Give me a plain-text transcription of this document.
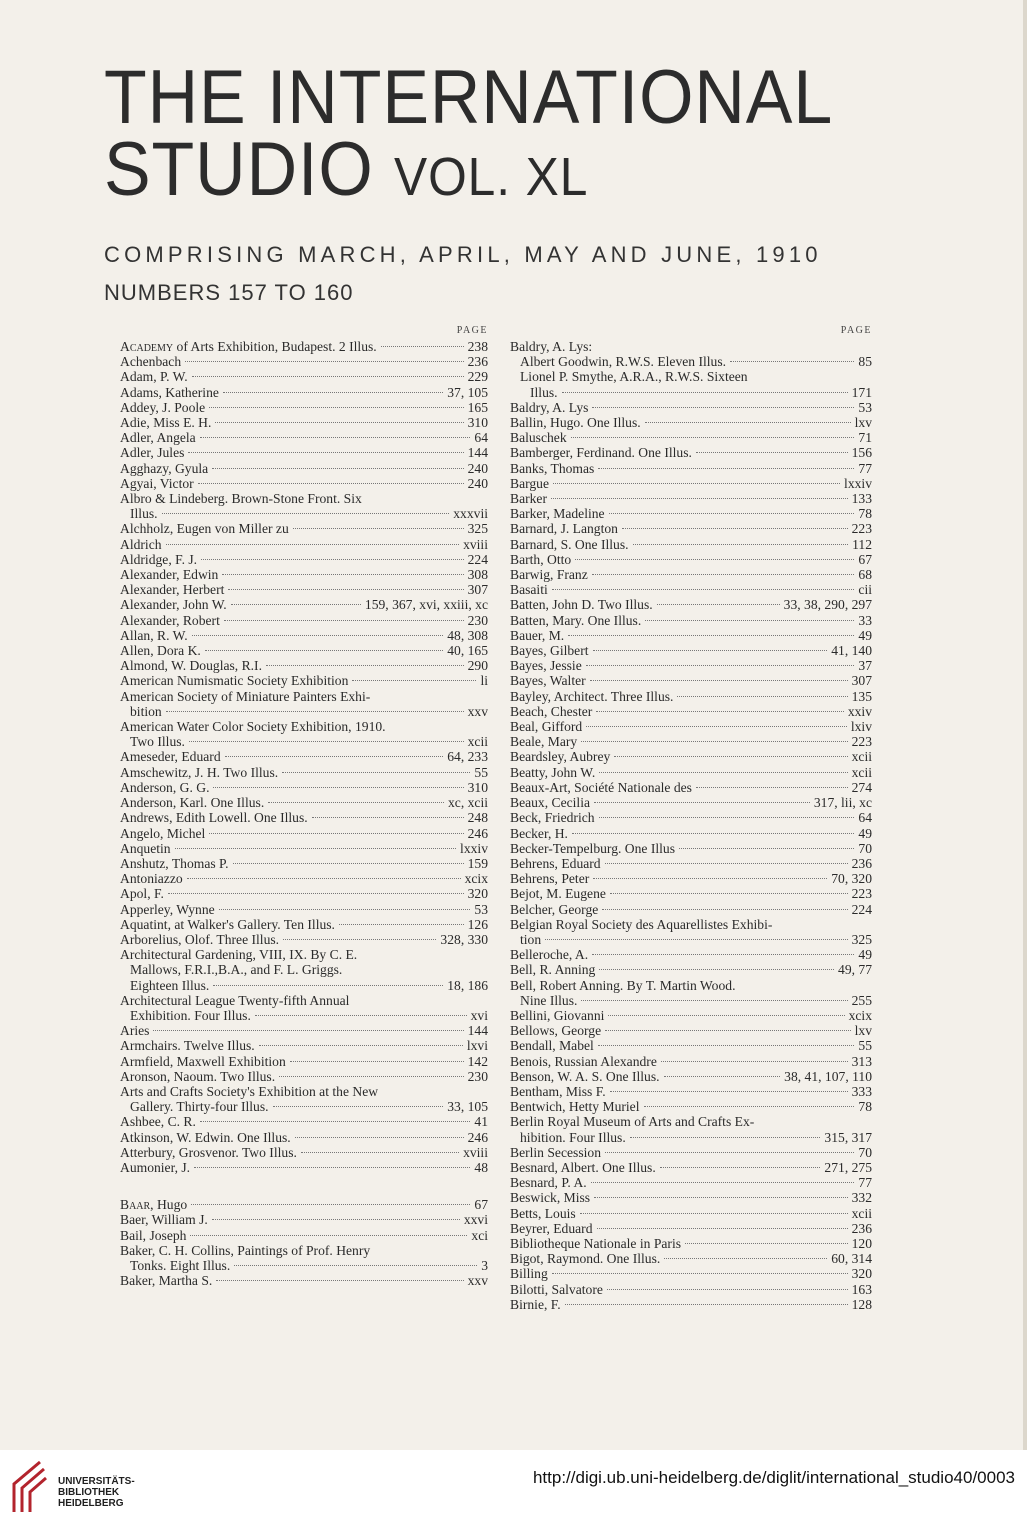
THE INTERNATIONAL
STUDIO VOL. XL
COMPRISING MARCH, APRIL, MAY AND JUNE, 1910
NUMBERS 157 TO 160
PAGE
Academy of Arts Exhibition, Budapest. 2 Illus.	238
Achenbach	236
Adam, P. W.	229
Adams, Katherine	37, 105
Addey, J. Poole	165
Adie, Miss E. H.	310
Adler, Angela	64
Adler, Jules	144
Agghazy, Gyula	240
Agyai, Victor	240
Albro & Lindeberg. Brown-Stone Front. Six
Illus.	xxxvii
Alchholz, Eugen von Miller zu	325
Aldrich	xviii
Aldridge, F. J.	224
Alexander, Edwin	308
Alexander, Herbert	307
Alexander, John W.	159, 367, xvi, xxiii, xc
Alexander, Robert	230
Allan, R. W.	48, 308
Allen, Dora K.	40, 165
Almond, W. Douglas, R.I.	290
American Numismatic Society Exhibition	li
American Society of Miniature Painters Exhi-
bition	xxv
American Water Color Society Exhibition, 1910.
Two Illus.	xcii
Ameseder, Eduard	64, 233
Amschewitz, J. H. Two Illus.	55
Anderson, G. G.	310
Anderson, Karl. One Illus.	xc, xcii
Andrews, Edith Lowell. One Illus.	248
Angelo, Michel	246
Anquetin	lxxiv
Anshutz, Thomas P.	159
Antoniazzo	xcix
Apol, F.	320
Apperley, Wynne	53
Aquatint, at Walker's Gallery. Ten Illus.	126
Arborelius, Olof. Three Illus.	328, 330
Architectural Gardening, VIII, IX. By C. E.
Mallows, F.R.I.,B.A., and F. L. Griggs.
Eighteen Illus.	18, 186
Architectural League Twenty-fifth Annual
Exhibition. Four Illus.	xvi
Aries	144
Armchairs. Twelve Illus.	lxvi
Armfield, Maxwell Exhibition	142
Aronson, Naoum. Two Illus.	230
Arts and Crafts Society's Exhibition at the New
Gallery. Thirty-four Illus.	33, 105
Ashbee, C. R.	41
Atkinson, W. Edwin. One Illus.	246
Atterbury, Grosvenor. Two Illus.	xviii
Aumonier, J.	48
Baar, Hugo	67
Baer, William J.	xxvi
Bail, Joseph	xci
Baker, C. H. Collins, Paintings of Prof. Henry
Tonks. Eight Illus.	3
Baker, Martha S.	xxv
PAGE
Baldry, A. Lys:
Albert Goodwin, R.W.S. Eleven Illus.	85
Lionel P. Smythe, A.R.A., R.W.S. Sixteen
Illus.	171
Baldry, A. Lys	53
Ballin, Hugo. One Illus.	lxv
Baluschek	71
Bamberger, Ferdinand. One Illus.	156
Banks, Thomas	77
Bargue	lxxiv
Barker	133
Barker, Madeline	78
Barnard, J. Langton	223
Barnard, S. One Illus.	112
Barth, Otto	67
Barwig, Franz	68
Basaiti	cii
Batten, John D. Two Illus.	33, 38, 290, 297
Batten, Mary. One Illus.	33
Bauer, M.	49
Bayes, Gilbert	41, 140
Bayes, Jessie	37
Bayes, Walter	307
Bayley, Architect. Three Illus.	135
Beach, Chester	xxiv
Beal, Gifford	lxiv
Beale, Mary	223
Beardsley, Aubrey	xcii
Beatty, John W.	xcii
Beaux-Art, Société Nationale des	274
Beaux, Cecilia	317, lii, xc
Beck, Friedrich	64
Becker, H.	49
Becker-Tempelburg. One Illus	70
Behrens, Eduard	236
Behrens, Peter	70, 320
Bejot, M. Eugene	223
Belcher, George	224
Belgian Royal Society des Aquarellistes Exhibi-
tion	325
Belleroche, A.	49
Bell, R. Anning	49, 77
Bell, Robert Anning. By T. Martin Wood.
Nine Illus.	255
Bellini, Giovanni	xcix
Bellows, George	lxv
Bendall, Mabel	55
Benois, Russian Alexandre	313
Benson, W. A. S. One Illus.	38, 41, 107, 110
Bentham, Miss F.	333
Bentwich, Hetty Muriel	78
Berlin Royal Museum of Arts and Crafts Ex-
hibition. Four Illus.	315, 317
Berlin Secession	70
Besnard, Albert. One Illus.	271, 275
Besnard, P. A.	77
Beswick, Miss	332
Betts, Louis	xcii
Beyrer, Eduard	236
Bibliotheque Nationale in Paris	120
Bigot, Raymond. One Illus.	60, 314
Billing	320
Bilotti, Salvatore	163
Birnie, F.	128
UNIVERSITÄTS-
BIBLIOTHEK
HEIDELBERG
http://digi.ub.uni-heidelberg.de/diglit/international_studio40/0003
